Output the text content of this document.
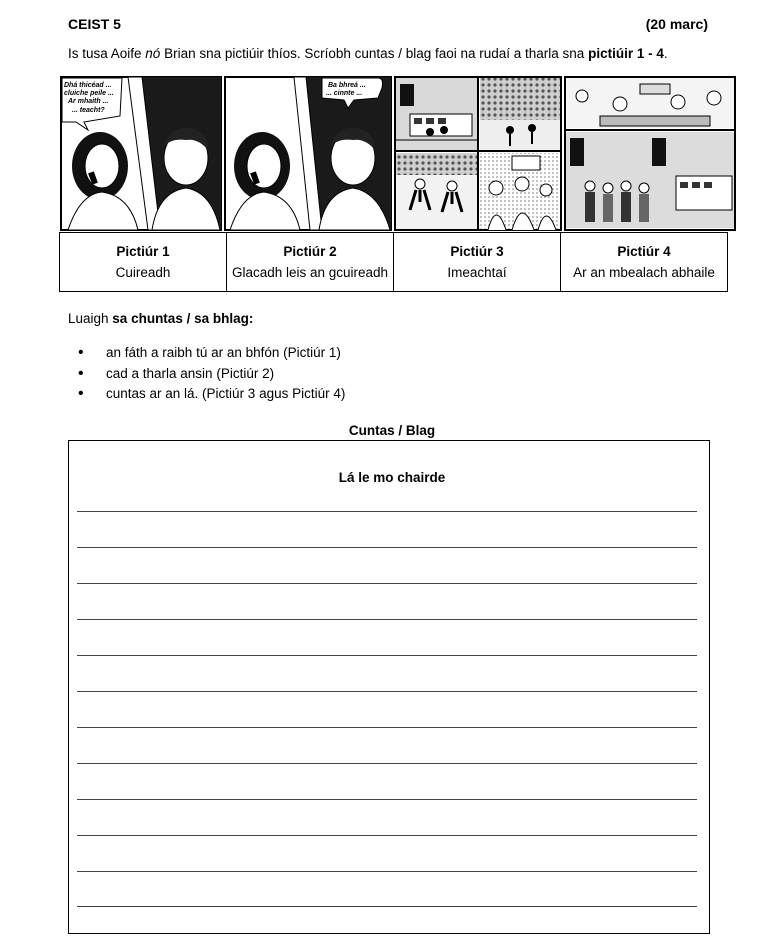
CEIST 5	(20 marc)
Is tusa Aoife nó Brian sna pictiúir thíos. Scríobh cuntas / blag faoi na rudaí a tharla sna pictiúir 1 - 4.
Dhá thicéad ...
cluiche peile ...
Ar mhaith ...
... teacht?
Ba bhreá ...
... cinnte ...
Pictiúr 1
Cuireadh

Pictiúr 2
Glacadh leis an gcuireadh

Pictiúr 3
Imeachtaí

Pictiúr 4
Ar an mbealach abhaile
Luaigh sa chuntas / sa bhlag:
• an fáth a raibh tú ar an bhfón (Pictiúr 1)
• cad a tharla ansin (Pictiúr 2)
• cuntas ar an lá. (Pictiúr 3 agus Pictiúr 4)
Cuntas / Blag
Lá le mo chairde
